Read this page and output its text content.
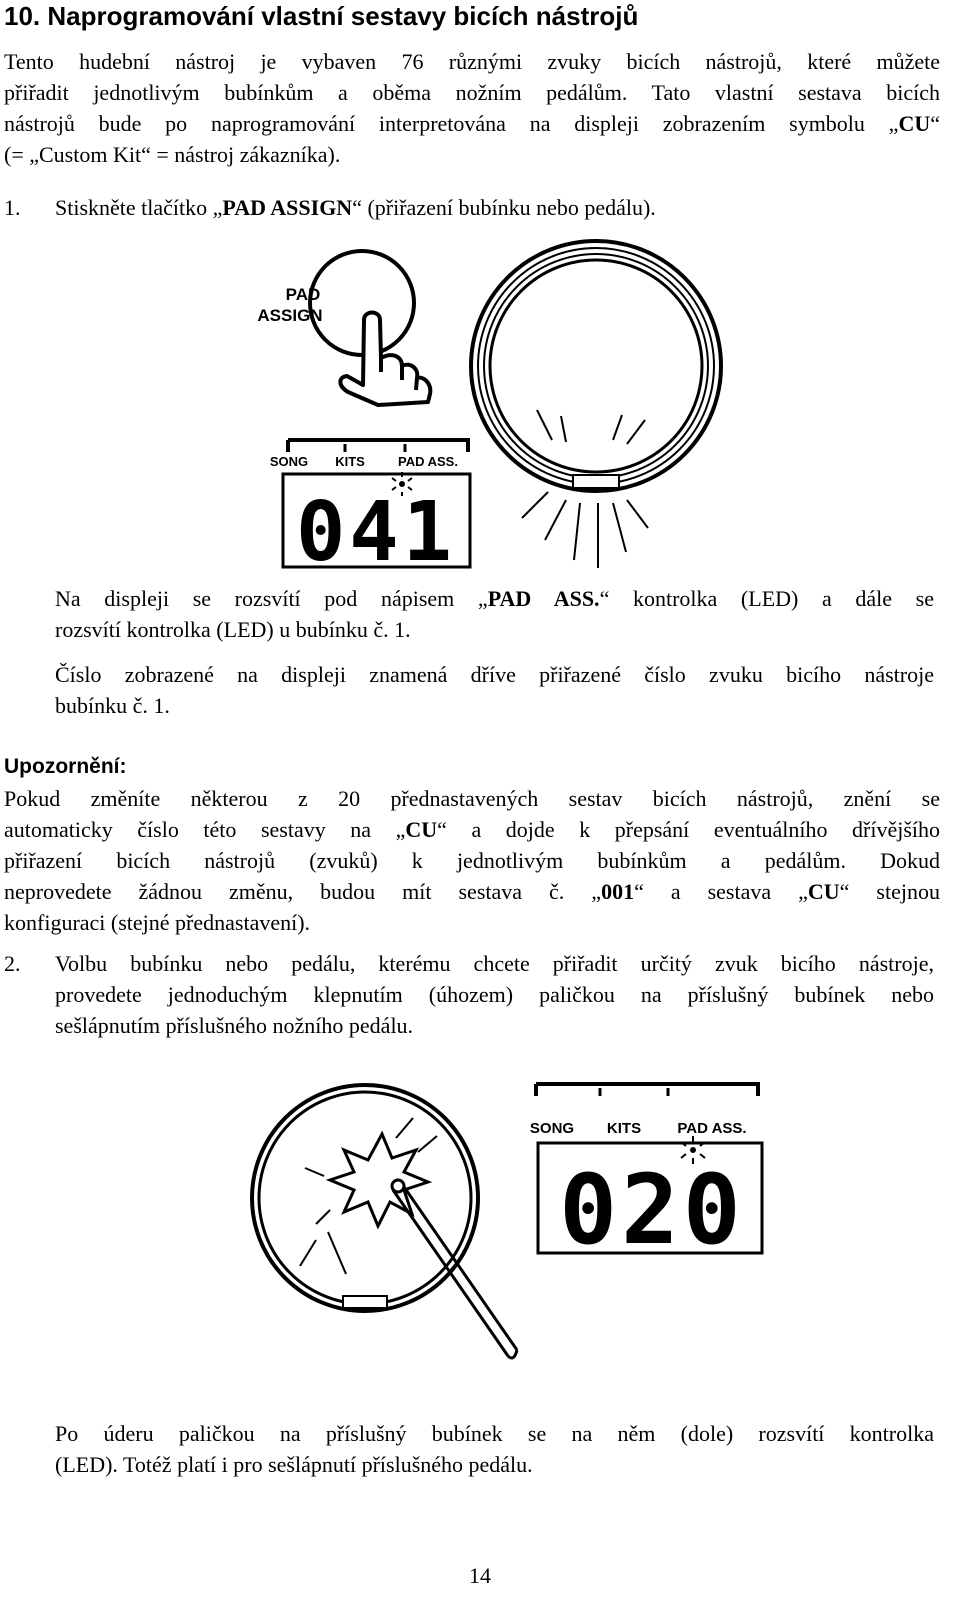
10. Naprogramování vlastní sestavy bicích nástrojů
Tento hudební nástroj je vybaven 76 různými zvuky bicích nástrojů, které můžete
přiřadit jednotlivým bubínkům a oběma nožním pedálům. Tato vlastní sestava bicích
nástrojů bude po naprogramování interpretována na displeji zobrazením symbolu „CU“
(= „Custom Kit“ = nástroj zákazníka).
1. Stiskněte tlačítko „PAD ASSIGN“ (přiřazení bubínku nebo pedálu).
PAD
ASSIGN
SONG KITS	PAD ASS.
041
Na displeji se rozsvítí pod nápisem „PAD ASS.“ kontrolka (LED) a dále se
rozsvítí kontrolka (LED) u bubínku č. 1.
Číslo zobrazené na displeji znamená dříve přiřazené číslo zvuku bicího nástroje
bubínku č. 1.
Upozornění:
Pokud změníte některou z 20 přednastavených sestav bicích nástrojů, znění se
automaticky číslo této sestavy na „CU“ a dojde k přepsání eventuálního dřívějšího
přiřazení bicích nástrojů (zvuků) k jednotlivým bubínkům a pedálům. Dokud
neprovedete žádnou změnu, budou mít sestava č. „001“ a sestava „CU“ stejnou
konfiguraci (stejné přednastavení).
2. Volbu bubínku nebo pedálu, kterému chcete přiřadit určitý zvuk bicího nástroje,
provedete jednoduchým klepnutím (úhozem) paličkou na příslušný bubínek nebo
sešlápnutím příslušného nožního pedálu.
SONG KITS PAD ASS.
020
Po úderu paličkou na příslušný bubínek se na něm (dole) rozsvítí kontrolka
(LED). Totéž platí i pro sešlápnutí příslušného pedálu.
14
